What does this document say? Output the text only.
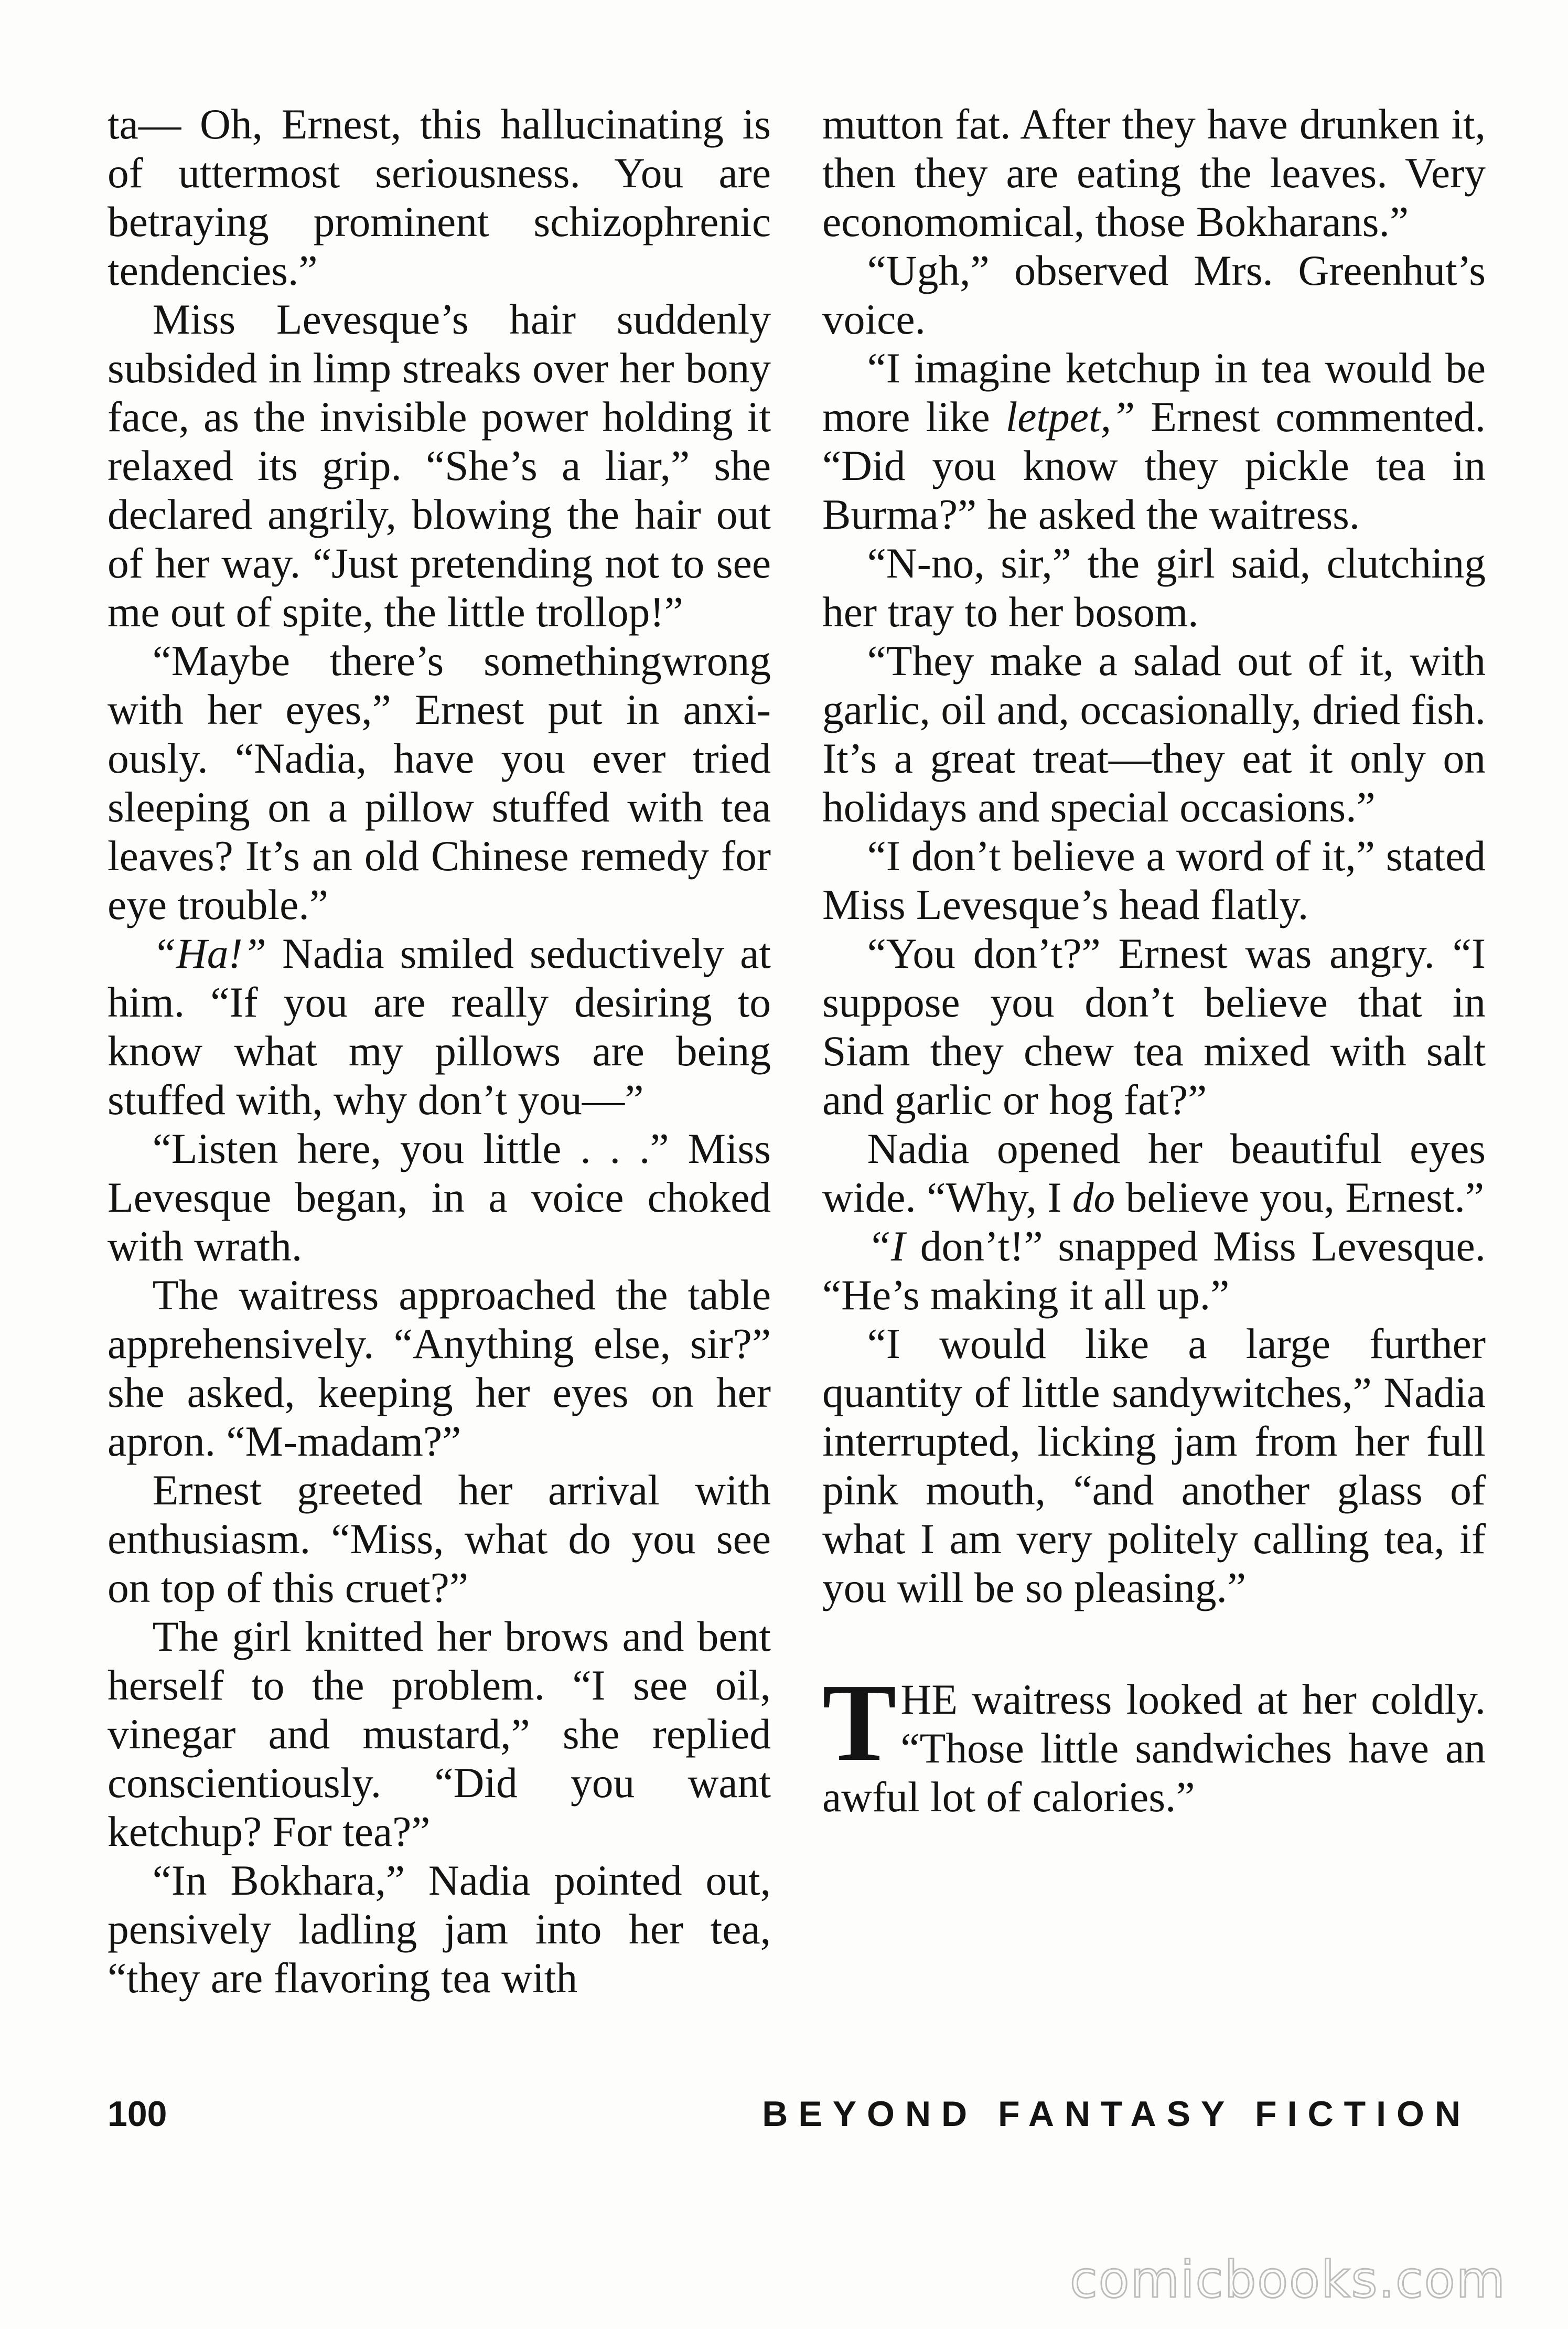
ta— Oh, Ernest, this hallucinating is of uttermost seriousness. You are betraying prominent schizophrenic tendencies.”

Miss Levesque’s hair suddenly subsided in limp streaks over her bony face, as the invisible power holding it relaxed its grip. “She’s a liar,” she declared angrily, blowing the hair out of her way. “Just pretending not to see me out of spite, the little trollop!”

“Maybe there’s somethingwrong with her eyes,” Ernest put in anxiously. “Nadia, have you ever tried sleeping on a pillow stuffed with tea leaves? It’s an old Chinese remedy for eye trouble.”

“Ha!” Nadia smiled seductively at him. “If you are really desiring to know what my pillows are being stuffed with, why don’t you—”

“Listen here, you little . . .” Miss Levesque began, in a voice choked with wrath.

The waitress approached the table apprehensively. “Anything else, sir?” she asked, keeping her eyes on her apron. “M-madam?”

Ernest greeted her arrival with enthusiasm. “Miss, what do you see on top of this cruet?”

The girl knitted her brows and bent herself to the problem. “I see oil, vinegar and mustard,” she replied conscientiously. “Did you want ketchup? For tea?”

“In Bokhara,” Nadia pointed out, pensively ladling jam into her tea, “they are flavoring tea with

mutton fat. After they have drunken it, then they are eating the leaves. Very economomical, those Bokharans.”

“Ugh,” observed Mrs. Greenhut’s voice.

“I imagine ketchup in tea would be more like letpet,” Ernest commented. “Did you know they pickle tea in Burma?” he asked the waitress.

“N-no, sir,” the girl said, clutching her tray to her bosom.

“They make a salad out of it, with garlic, oil and, occasionally, dried fish. It’s a great treat—they eat it only on holidays and special occasions.”

“I don’t believe a word of it,” stated Miss Levesque’s head flatly.

“You don’t?” Ernest was angry. “I suppose you don’t believe that in Siam they chew tea mixed with salt and garlic or hog fat?”

Nadia opened her beautiful eyes wide. “Why, I do believe you, Ernest.”

“I don’t!” snapped Miss Levesque. “He’s making it all up.”

“I would like a large further quantity of little sandywitches,” Nadia interrupted, licking jam from her full pink mouth, “and another glass of what I am very politely calling tea, if you will be so pleasing.”

THE waitress looked at her coldly. “Those little sandwiches have an awful lot of calories.”

100	BEYOND FANTASY FICTION
comicbooks.com
